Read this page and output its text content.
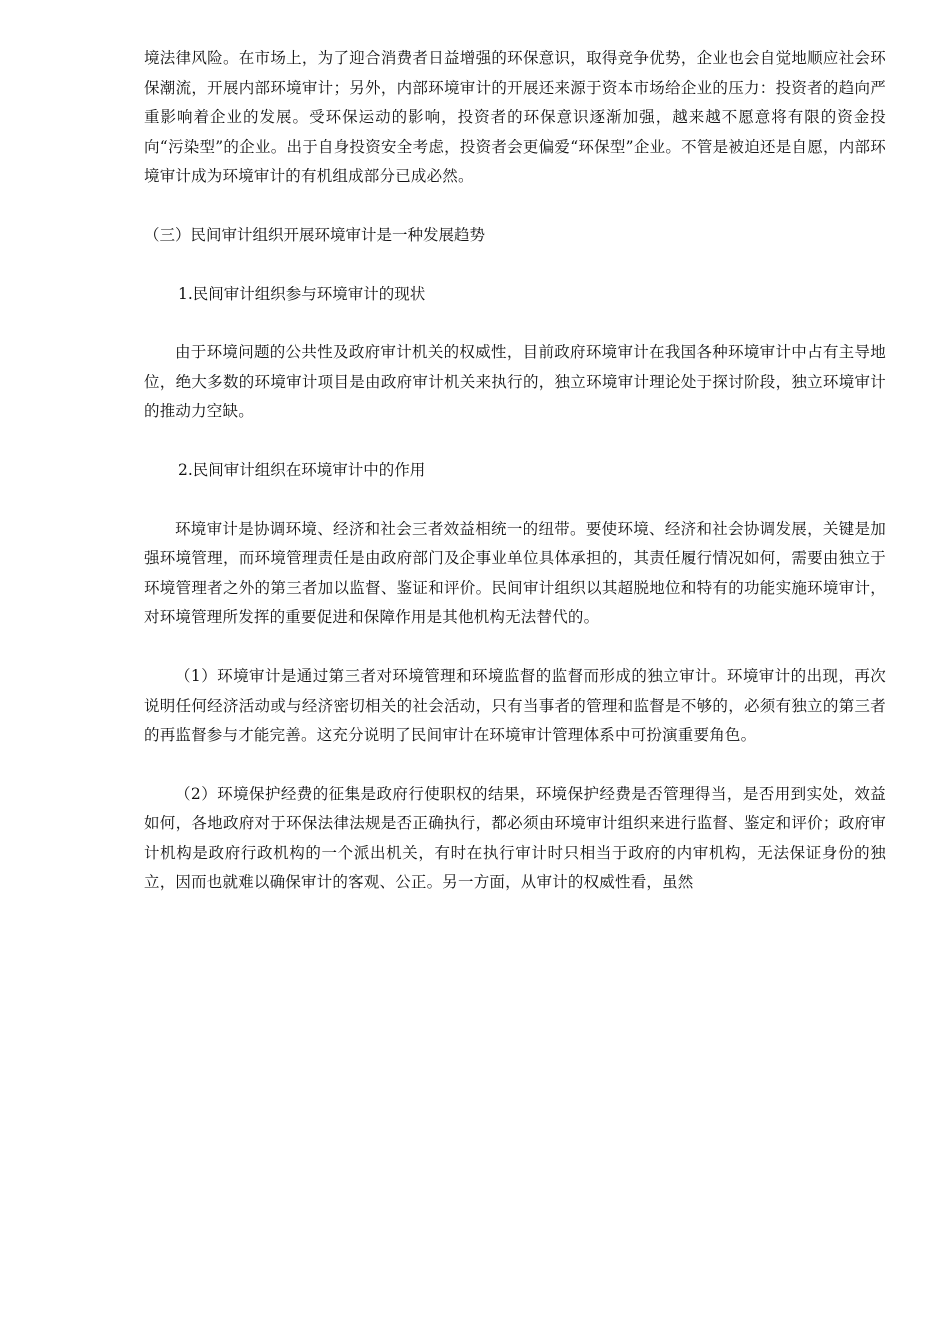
境法律风险。在市场上，为了迎合消费者日益增强的环保意识，取得竞争优势，企业也会自觉地顺应社会环保潮流，开展内部环境审计；另外，内部环境审计的开展还来源于资本市场给企业的压力：投资者的趋向严重影响着企业的发展。受环保运动的影响，投资者的环保意识逐渐加强，越来越不愿意将有限的资金投向“污染型”的企业。出于自身投资安全考虑，投资者会更偏爱“环保型”企业。不管是被迫还是自愿，内部环境审计成为环境审计的有机组成部分已成必然。

（三）民间审计组织开展环境审计是一种发展趋势

1.民间审计组织参与环境审计的现状

由于环境问题的公共性及政府审计机关的权威性，目前政府环境审计在我国各种环境审计中占有主导地位，绝大多数的环境审计项目是由政府审计机关来执行的，独立环境审计理论处于探讨阶段，独立环境审计的推动力空缺。

2.民间审计组织在环境审计中的作用

环境审计是协调环境、经济和社会三者效益相统一的纽带。要使环境、经济和社会协调发展，关键是加强环境管理，而环境管理责任是由政府部门及企事业单位具体承担的，其责任履行情况如何，需要由独立于环境管理者之外的第三者加以监督、鉴证和评价。民间审计组织以其超脱地位和特有的功能实施环境审计，对环境管理所发挥的重要促进和保障作用是其他机构无法替代的。

（1）环境审计是通过第三者对环境管理和环境监督的监督而形成的独立审计。环境审计的出现，再次说明任何经济活动或与经济密切相关的社会活动，只有当事者的管理和监督是不够的，必须有独立的第三者的再监督参与才能完善。这充分说明了民间审计在环境审计管理体系中可扮演重要角色。

（2）环境保护经费的征集是政府行使职权的结果，环境保护经费是否管理得当，是否用到实处，效益如何，各地政府对于环保法律法规是否正确执行，都必须由环境审计组织来进行监督、鉴定和评价；政府审计机构是政府行政机构的一个派出机关，有时在执行审计时只相当于政府的内审机构，无法保证身份的独立，因而也就难以确保审计的客观、公正。另一方面，从审计的权威性看，虽然
